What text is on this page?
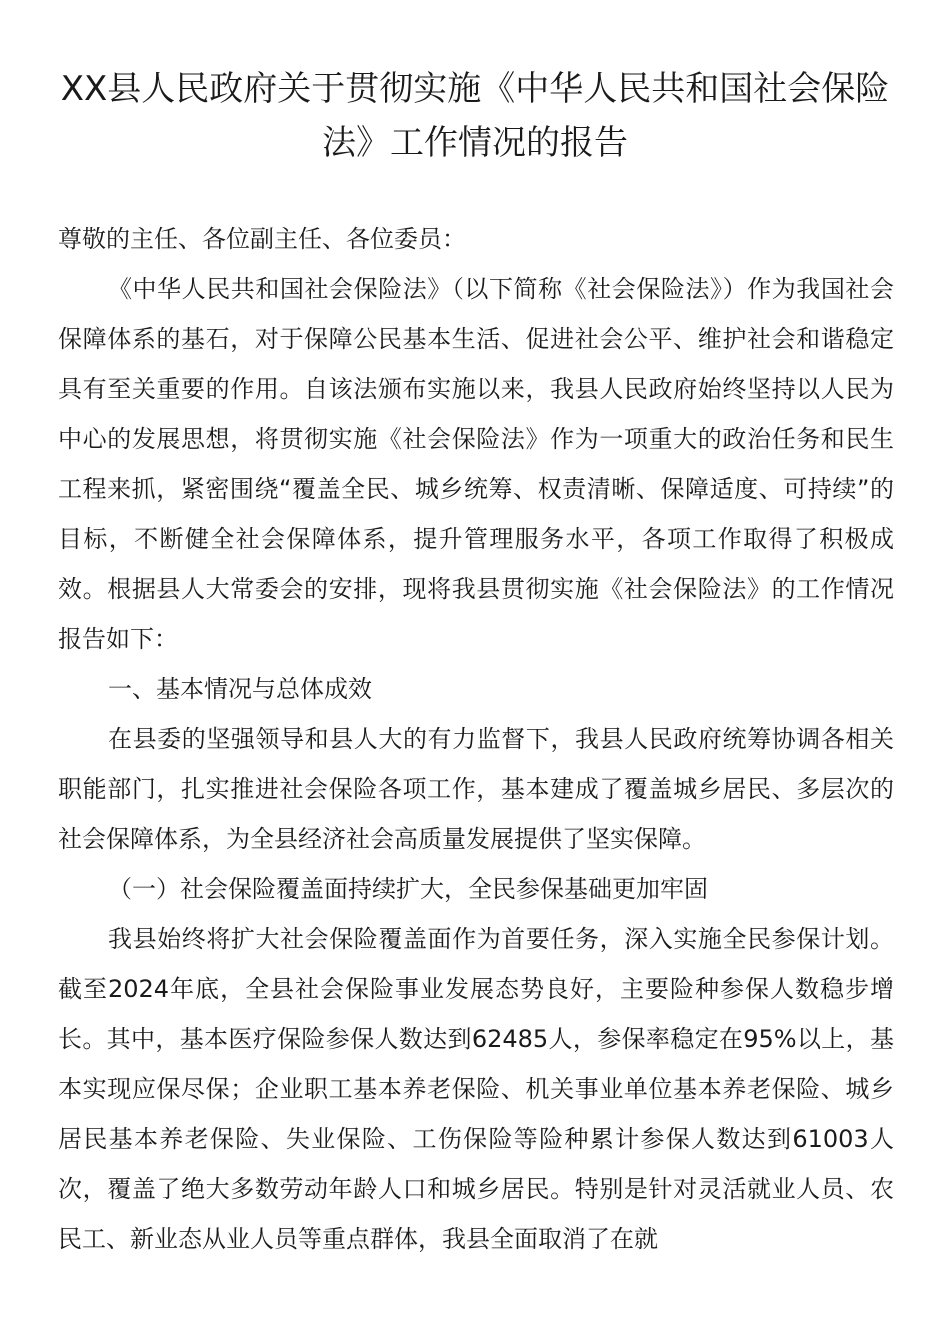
XX县人民政府关于贯彻实施《中华人民共和国社会保险法》工作情况的报告

尊敬的主任、各位副主任、各位委员：

《中华人民共和国社会保险法》（以下简称《社会保险法》）作为我国社会保障体系的基石，对于保障公民基本生活、促进社会公平、维护社会和谐稳定具有至关重要的作用。自该法颁布实施以来，我县人民政府始终坚持以人民为中心的发展思想，将贯彻实施《社会保险法》作为一项重大的政治任务和民生工程来抓，紧密围绕“覆盖全民、城乡统筹、权责清晰、保障适度、可持续”的目标，不断健全社会保障体系，提升管理服务水平，各项工作取得了积极成效。根据县人大常委会的安排，现将我县贯彻实施《社会保险法》的工作情况报告如下：

一、基本情况与总体成效

在县委的坚强领导和县人大的有力监督下，我县人民政府统筹协调各相关职能部门，扎实推进社会保险各项工作，基本建成了覆盖城乡居民、多层次的社会保障体系，为全县经济社会高质量发展提供了坚实保障。

（一）社会保险覆盖面持续扩大，全民参保基础更加牢固

我县始终将扩大社会保险覆盖面作为首要任务，深入实施全民参保计划。截至2024年底，全县社会保险事业发展态势良好，主要险种参保人数稳步增长。其中，基本医疗保险参保人数达到62485人，参保率稳定在95%以上，基本实现应保尽保；企业职工基本养老保险、机关事业单位基本养老保险、城乡居民基本养老保险、失业保险、工伤保险等险种累计参保人数达到61003人次，覆盖了绝大多数劳动年龄人口和城乡居民。特别是针对灵活就业人员、农民工、新业态从业人员等重点群体，我县全面取消了在就
